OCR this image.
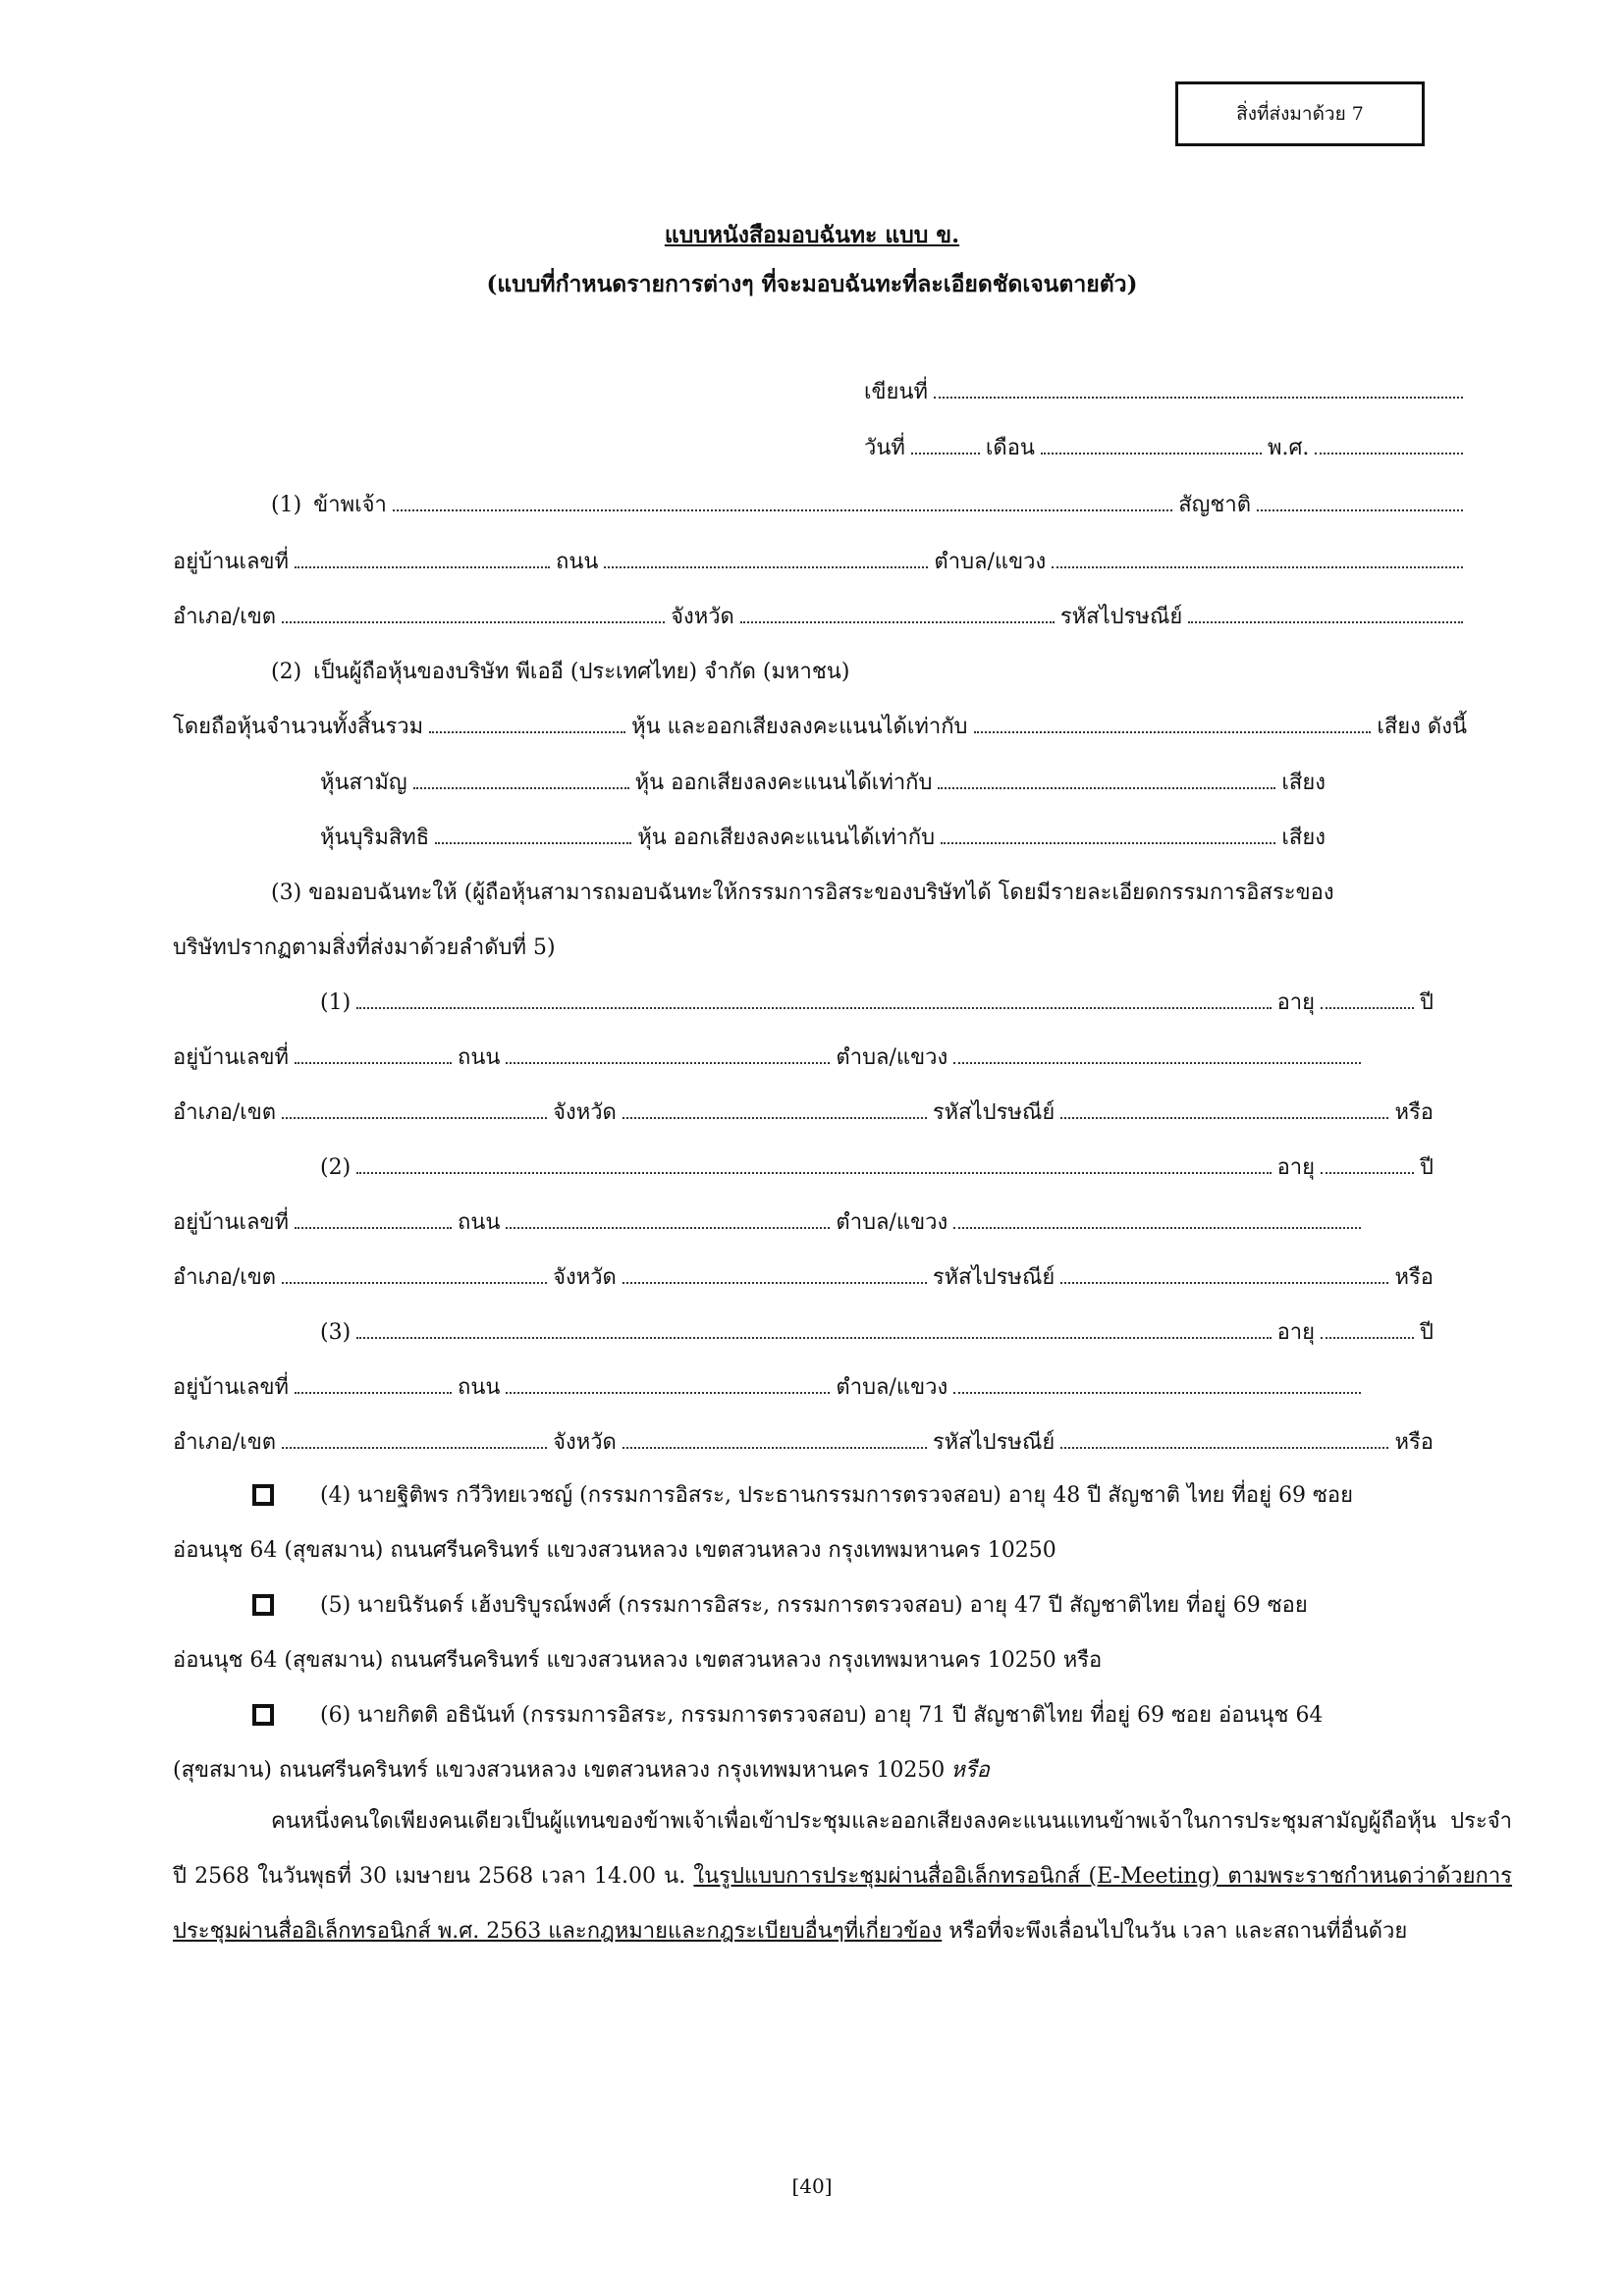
สิ่งที่ส่งมาด้วย 7
แบบหนังสือมอบฉันทะ แบบ ข.
(แบบที่กำหนดรายการต่างๆ ที่จะมอบฉันทะที่ละเอียดชัดเจนตายตัว)
เขียนที่
วันที่	เดือน	พ.ศ.
(1) ข้าพเจ้า	สัญชาติ
อยู่บ้านเลขที่	ถนน	ตำบล/แขวง
อำเภอ/เขต	จังหวัด	รหัสไปรษณีย์
(2) เป็นผู้ถือหุ้นของบริษัท พีเออี (ประเทศไทย) จำกัด (มหาชน)
โดยถือหุ้นจำนวนทั้งสิ้นรวม	หุ้น และออกเสียงลงคะแนนได้เท่ากับ	เสียง ดังนี้
หุ้นสามัญ	หุ้น ออกเสียงลงคะแนนได้เท่ากับ	เสียง
หุ้นบุริมสิทธิ	หุ้น ออกเสียงลงคะแนนได้เท่ากับ	เสียง
(3) ขอมอบฉันทะให้ (ผู้ถือหุ้นสามารถมอบฉันทะให้กรรมการอิสระของบริษัทได้ โดยมีรายละเอียดกรรมการอิสระของ
บริษัทปรากฏตามสิ่งที่ส่งมาด้วยลำดับที่ 5)
(1)	อายุ	ปี
อยู่บ้านเลขที่	ถนน	ตำบล/แขวง
อำเภอ/เขต	จังหวัด	รหัสไปรษณีย์	หรือ
(2)	อายุ	ปี
อยู่บ้านเลขที่	ถนน	ตำบล/แขวง
อำเภอ/เขต	จังหวัด	รหัสไปรษณีย์	หรือ
(3)	อายุ	ปี
อยู่บ้านเลขที่	ถนน	ตำบล/แขวง
อำเภอ/เขต	จังหวัด	รหัสไปรษณีย์	หรือ
(4) นายฐิติพร กวีวิทยเวชญ์ (กรรมการอิสระ, ประธานกรรมการตรวจสอบ) อายุ 48 ปี สัญชาติ ไทย ที่อยู่ 69 ซอย
อ่อนนุช 64 (สุขสมาน) ถนนศรีนครินทร์ แขวงสวนหลวง เขตสวนหลวง กรุงเทพมหานคร 10250
(5) นายนิรันดร์ เฮ้งบริบูรณ์พงศ์ (กรรมการอิสระ, กรรมการตรวจสอบ) อายุ 47 ปี สัญชาติไทย ที่อยู่ 69 ซอย
อ่อนนุช 64 (สุขสมาน) ถนนศรีนครินทร์ แขวงสวนหลวง เขตสวนหลวง กรุงเทพมหานคร 10250 หรือ
(6) นายกิตติ อธินันท์ (กรรมการอิสระ, กรรมการตรวจสอบ) อายุ 71 ปี สัญชาติไทย ที่อยู่ 69 ซอย อ่อนนุช 64
(สุขสมาน) ถนนศรีนครินทร์ แขวงสวนหลวง เขตสวนหลวง กรุงเทพมหานคร 10250 หรือ
คนหนึ่งคนใดเพียงคนเดียวเป็นผู้แทนของข้าพเจ้าเพื่อเข้าประชุมและออกเสียงลงคะแนนแทนข้าพเจ้าในการประชุมสามัญผู้ถือหุ้น ประจำปี 2568 ในวันพุธที่ 30 เมษายน 2568 เวลา 14.00 น. ในรูปแบบการประชุมผ่านสื่ออิเล็กทรอนิกส์ (E-Meeting) ตามพระราชกำหนดว่าด้วยการประชุมผ่านสื่ออิเล็กทรอนิกส์ พ.ศ. 2563 และกฎหมายและกฎระเบียบอื่นๆที่เกี่ยวข้อง หรือที่จะพึงเลื่อนไปในวัน เวลา และสถานที่อื่นด้วย
[40]
